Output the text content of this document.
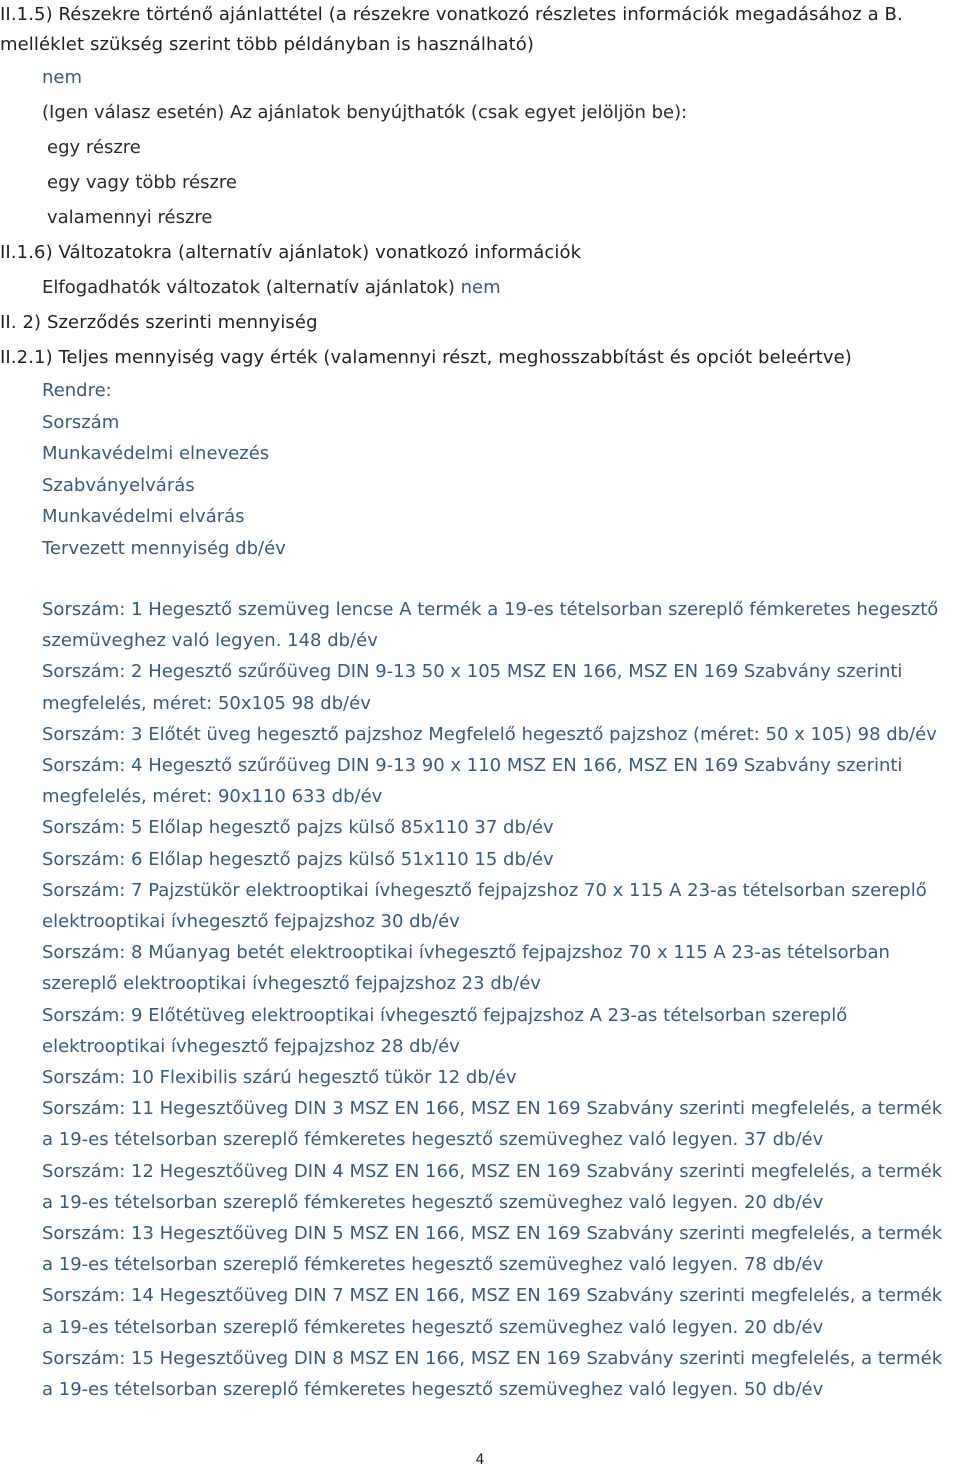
II.1.5) Részekre történő ajánlattétel (a részekre vonatkozó részletes információk megadásához a B. melléklet szükség szerint több példányban is használható)
nem
(Igen válasz esetén) Az ajánlatok benyújthatók (csak egyet jelöljön be):
egy részre
egy vagy több részre
valamennyi részre
II.1.6) Változatokra (alternatív ajánlatok) vonatkozó információk
Elfogadhatók változatok (alternatív ajánlatok) nem
II. 2) Szerződés szerinti mennyiség
II.2.1) Teljes mennyiség vagy érték (valamennyi részt, meghosszabbítást és opciót beleértve)
Rendre:
Sorszám
Munkavédelmi elnevezés
Szabványelvárás
Munkavédelmi elvárás
Tervezett mennyiség db/év
Sorszám: 1 Hegesztő szemüveg lencse A termék a 19-es tételsorban szereplő fémkeretes hegesztő szemüveghez való legyen. 148 db/év
Sorszám: 2 Hegesztő szűrőüveg DIN 9-13 50 x 105 MSZ EN 166, MSZ EN 169 Szabvány szerinti megfelelés, méret: 50x105 98 db/év
Sorszám: 3 Előtét üveg hegesztő pajzshoz Megfelelő hegesztő pajzshoz (méret: 50 x 105) 98 db/év
Sorszám: 4 Hegesztő szűrőüveg DIN 9-13 90 x 110 MSZ EN 166, MSZ EN 169 Szabvány szerinti megfelelés, méret: 90x110 633 db/év
Sorszám: 5 Előlap hegesztő pajzs külső 85x110 37 db/év
Sorszám: 6 Előlap hegesztő pajzs külső 51x110 15 db/év
Sorszám: 7 Pajzstükör elektrooptikai ívhegesztő fejpajzshoz 70 x 115 A 23-as tételsorban szereplő elektrooptikai ívhegesztő fejpajzshoz 30 db/év
Sorszám: 8 Műanyag betét elektrooptikai ívhegesztő fejpajzshoz 70 x 115 A 23-as tételsorban szereplő elektrooptikai ívhegesztő fejpajzshoz 23 db/év
Sorszám: 9 Előtétüveg elektrooptikai ívhegesztő fejpajzshoz A 23-as tételsorban szereplő elektrooptikai ívhegesztő fejpajzshoz 28 db/év
Sorszám: 10 Flexibilis szárú hegesztő tükör 12 db/év
Sorszám: 11 Hegesztőüveg DIN 3 MSZ EN 166, MSZ EN 169 Szabvány szerinti megfelelés, a termék a 19-es tételsorban szereplő fémkeretes hegesztő szemüveghez való legyen. 37 db/év
Sorszám: 12 Hegesztőüveg DIN 4 MSZ EN 166, MSZ EN 169 Szabvány szerinti megfelelés, a termék a 19-es tételsorban szereplő fémkeretes hegesztő szemüveghez való legyen. 20 db/év
Sorszám: 13 Hegesztőüveg DIN 5 MSZ EN 166, MSZ EN 169 Szabvány szerinti megfelelés, a termék a 19-es tételsorban szereplő fémkeretes hegesztő szemüveghez való legyen. 78 db/év
Sorszám: 14 Hegesztőüveg DIN 7 MSZ EN 166, MSZ EN 169 Szabvány szerinti megfelelés, a termék a 19-es tételsorban szereplő fémkeretes hegesztő szemüveghez való legyen. 20 db/év
Sorszám: 15 Hegesztőüveg DIN 8 MSZ EN 166, MSZ EN 169 Szabvány szerinti megfelelés, a termék a 19-es tételsorban szereplő fémkeretes hegesztő szemüveghez való legyen. 50 db/év
4
